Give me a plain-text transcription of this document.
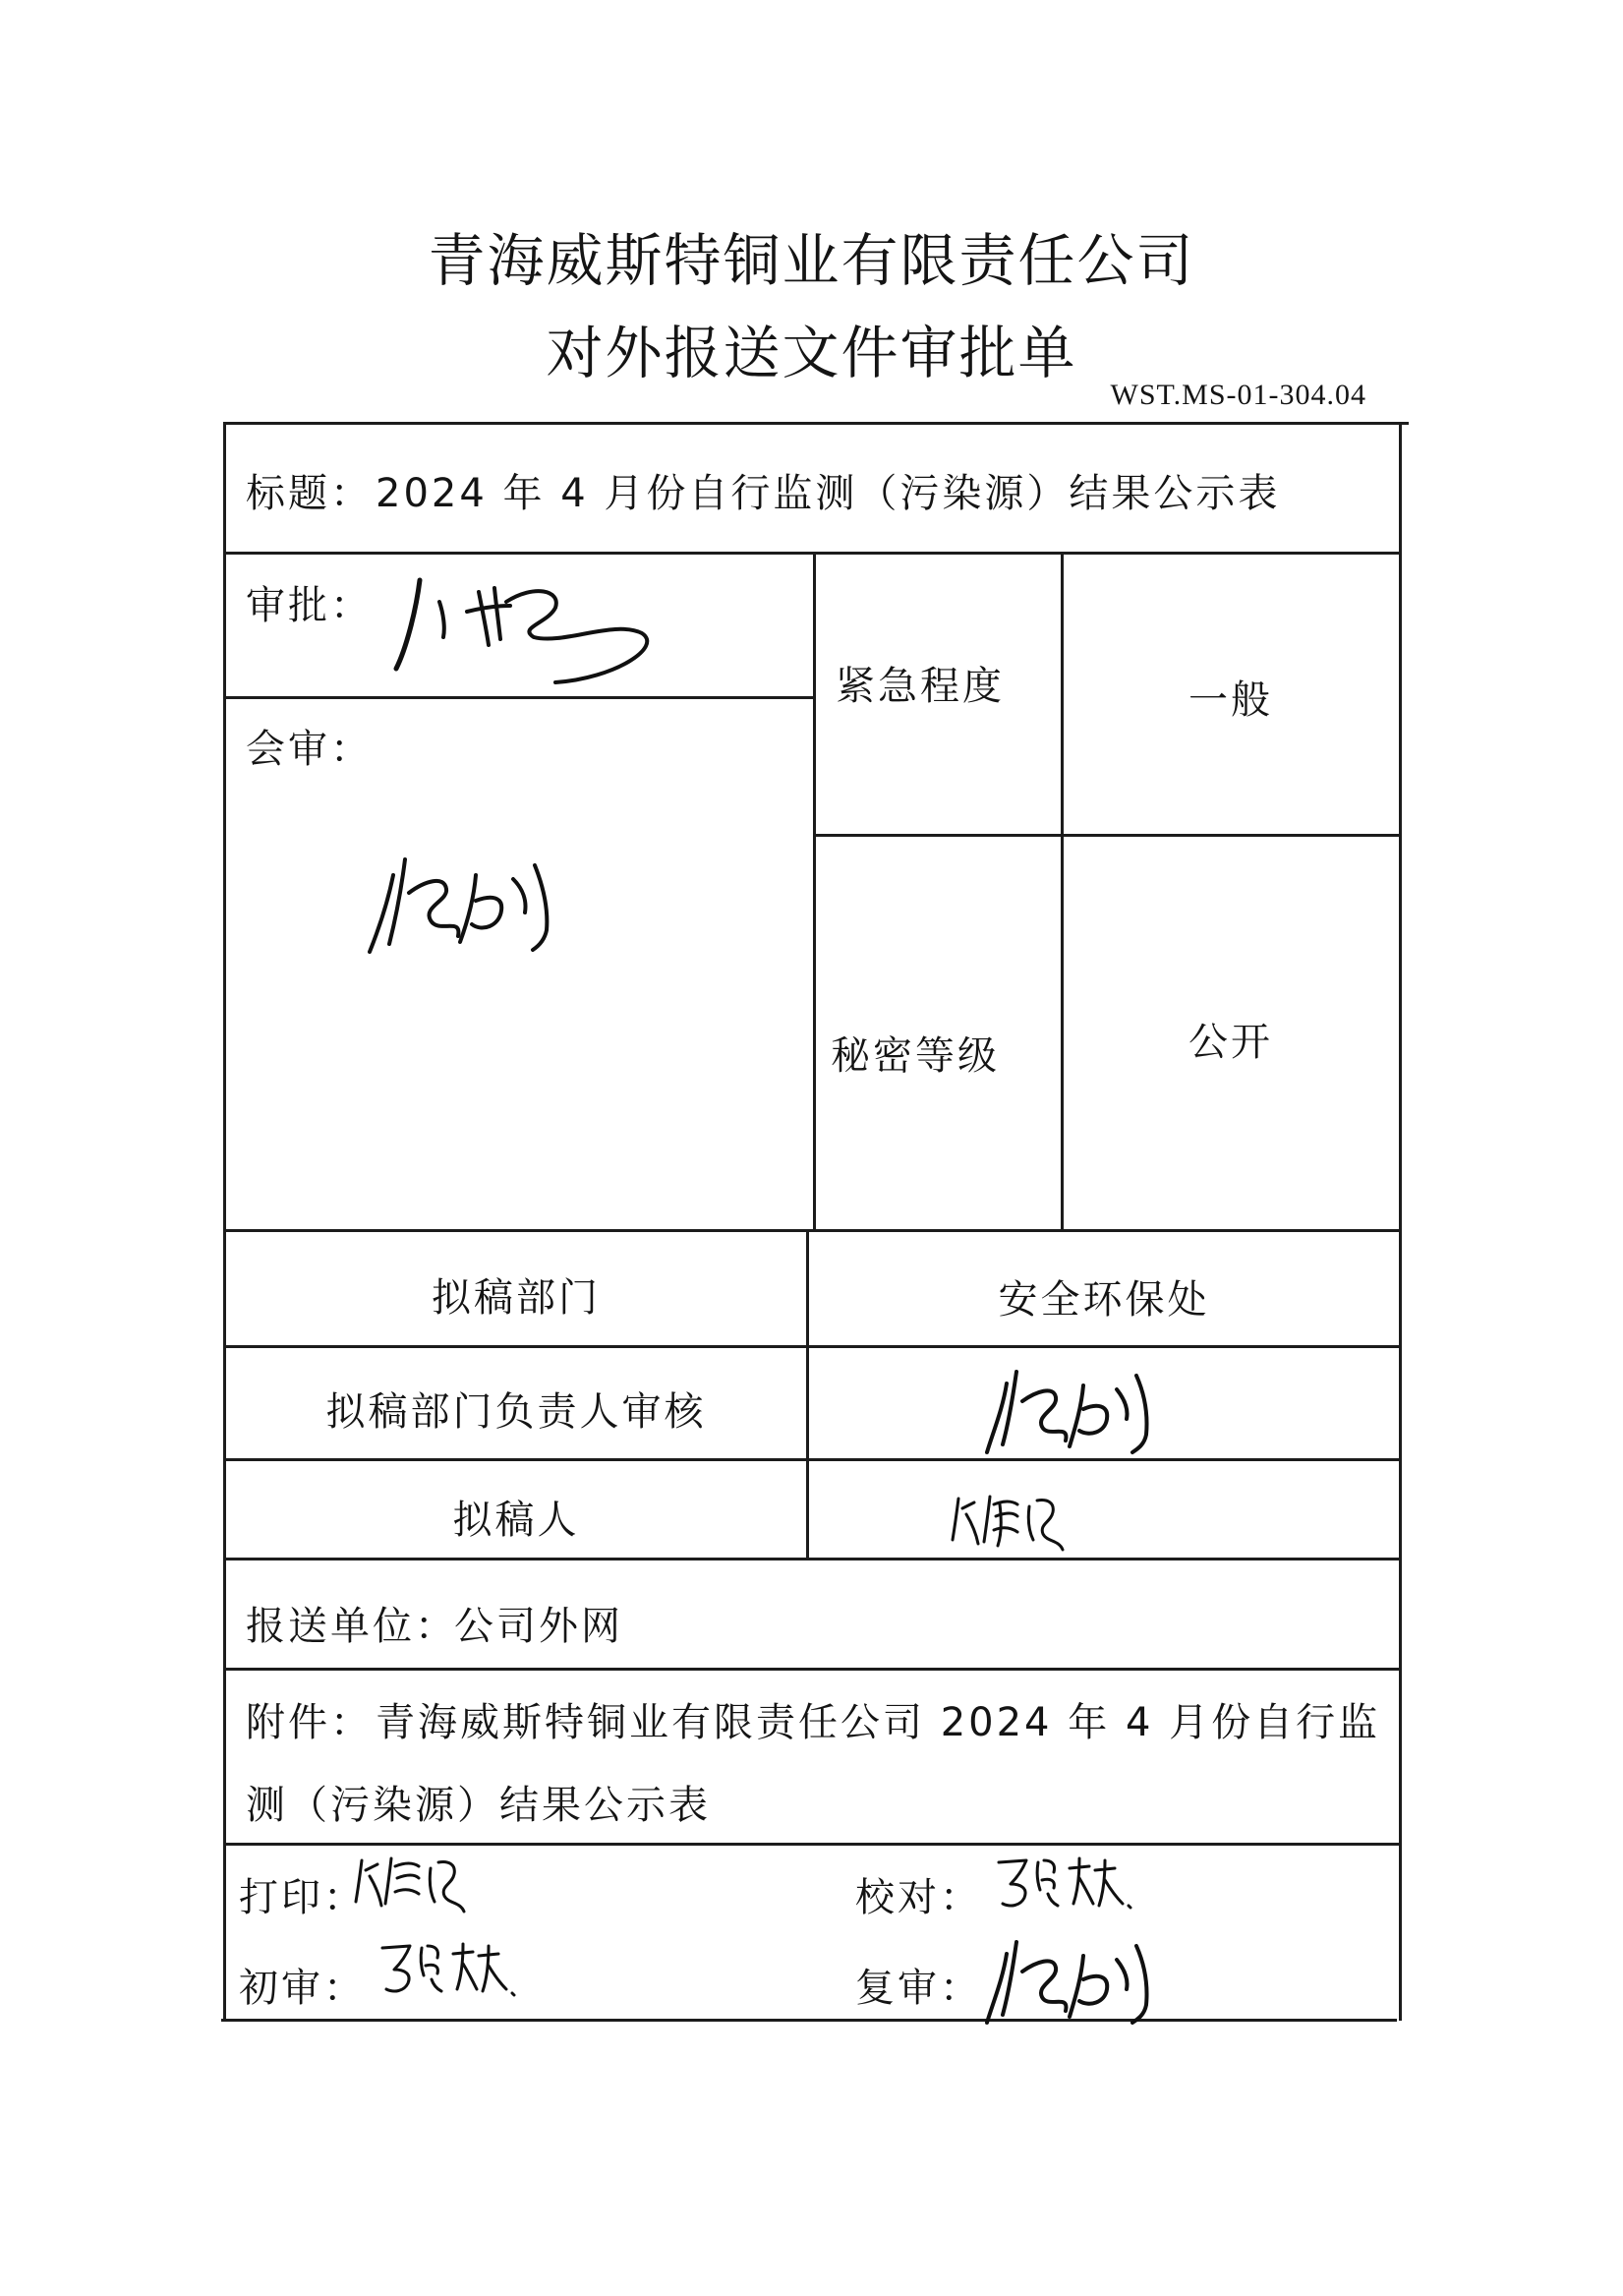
青海威斯特铜业有限责任公司
对外报送文件审批单
WST.MS-01-304.04
标题： 2024 年 4 月份自行监测（污染源）结果公示表
审批：
会审：
紧急程度	一般
秘密等级	公开
拟稿部门	安全环保处
拟稿部门负责人审核
拟稿人
报送单位：
公司外网
附件： 青海威斯特铜业有限责任公司 2024 年 4 月份自行监
测（污染源）结果公示表
打印：	校对：
初审：	复审：
